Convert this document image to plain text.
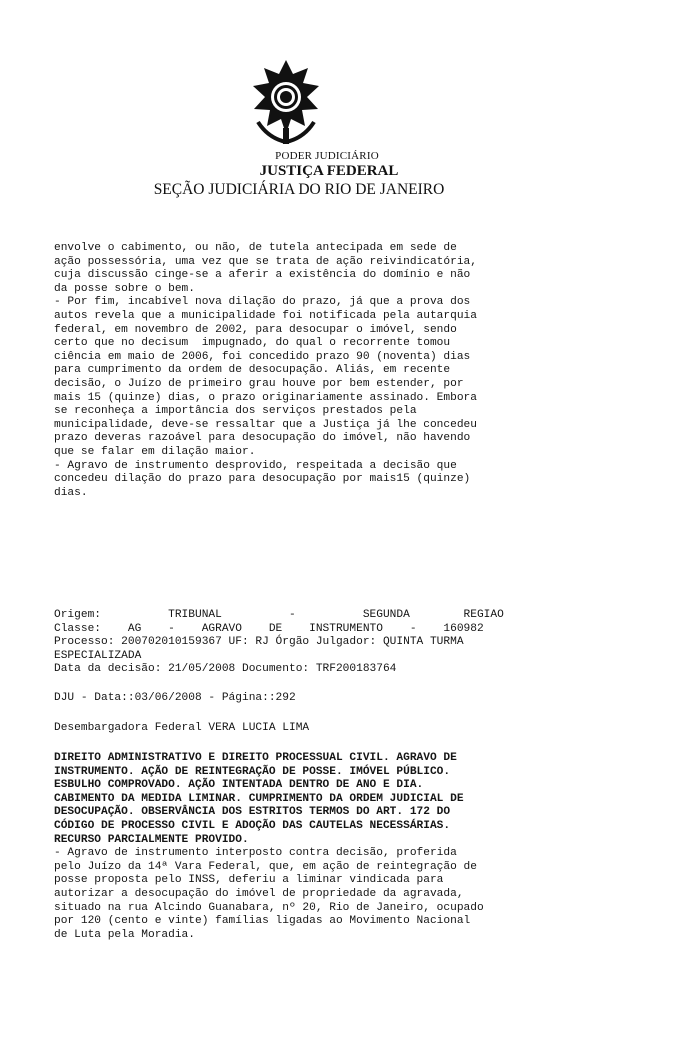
PODER JUDICIÁRIO
JUSTIÇA FEDERAL
SEÇÃO JUDICIÁRIA DO RIO DE JANEIRO
envolve o cabimento, ou não, de tutela antecipada em sede de
ação possessória, uma vez que se trata de ação reivindicatória,
cuja discussão cinge-se a aferir a existência do domínio e não
da posse sobre o bem.
- Por fim, incabível nova dilação do prazo, já que a prova dos
autos revela que a municipalidade foi notificada pela autarquia
federal, em novembro de 2002, para desocupar o imóvel, sendo
certo que no decisum  impugnado, do qual o recorrente tomou
ciência em maio de 2006, foi concedido prazo 90 (noventa) dias
para cumprimento da ordem de desocupação. Aliás, em recente
decisão, o Juízo de primeiro grau houve por bem estender, por
mais 15 (quinze) dias, o prazo originariamente assinado. Embora
se reconheça a importância dos serviços prestados pela
municipalidade, deve-se ressaltar que a Justiça já lhe concedeu
prazo deveras razoável para desocupação do imóvel, não havendo
que se falar em dilação maior.
- Agravo de instrumento desprovido, respeitada a decisão que
concedeu dilação do prazo para desocupação por mais15 (quinze)
dias.
Origem:          TRIBUNAL          -          SEGUNDA        REGIAO
Classe:    AG    -    AGRAVO    DE    INSTRUMENTO    -    160982
Processo: 200702010159367 UF: RJ Órgão Julgador: QUINTA TURMA
ESPECIALIZADA
Data da decisão: 21/05/2008 Documento: TRF200183764
DJU - Data::03/06/2008 - Página::292
Desembargadora Federal VERA LUCIA LIMA
DIREITO ADMINISTRATIVO E DIREITO PROCESSUAL CIVIL. AGRAVO DE
INSTRUMENTO. AÇÃO DE REINTEGRAÇÃO DE POSSE. IMÓVEL PÚBLICO.
ESBULHO COMPROVADO. AÇÃO INTENTADA DENTRO DE ANO E DIA.
CABIMENTO DA MEDIDA LIMINAR. CUMPRIMENTO DA ORDEM JUDICIAL DE
DESOCUPAÇÃO. OBSERVÂNCIA DOS ESTRITOS TERMOS DO ART. 172 DO
CÓDIGO DE PROCESSO CIVIL E ADOÇÃO DAS CAUTELAS NECESSÁRIAS.
RECURSO PARCIALMENTE PROVIDO.
- Agravo de instrumento interposto contra decisão, proferida
pelo Juízo da 14ª Vara Federal, que, em ação de reintegração de
posse proposta pelo INSS, deferiu a liminar vindicada para
autorizar a desocupação do imóvel de propriedade da agravada,
situado na rua Alcindo Guanabara, nº 20, Rio de Janeiro, ocupado
por 120 (cento e vinte) famílias ligadas ao Movimento Nacional
de Luta pela Moradia.
